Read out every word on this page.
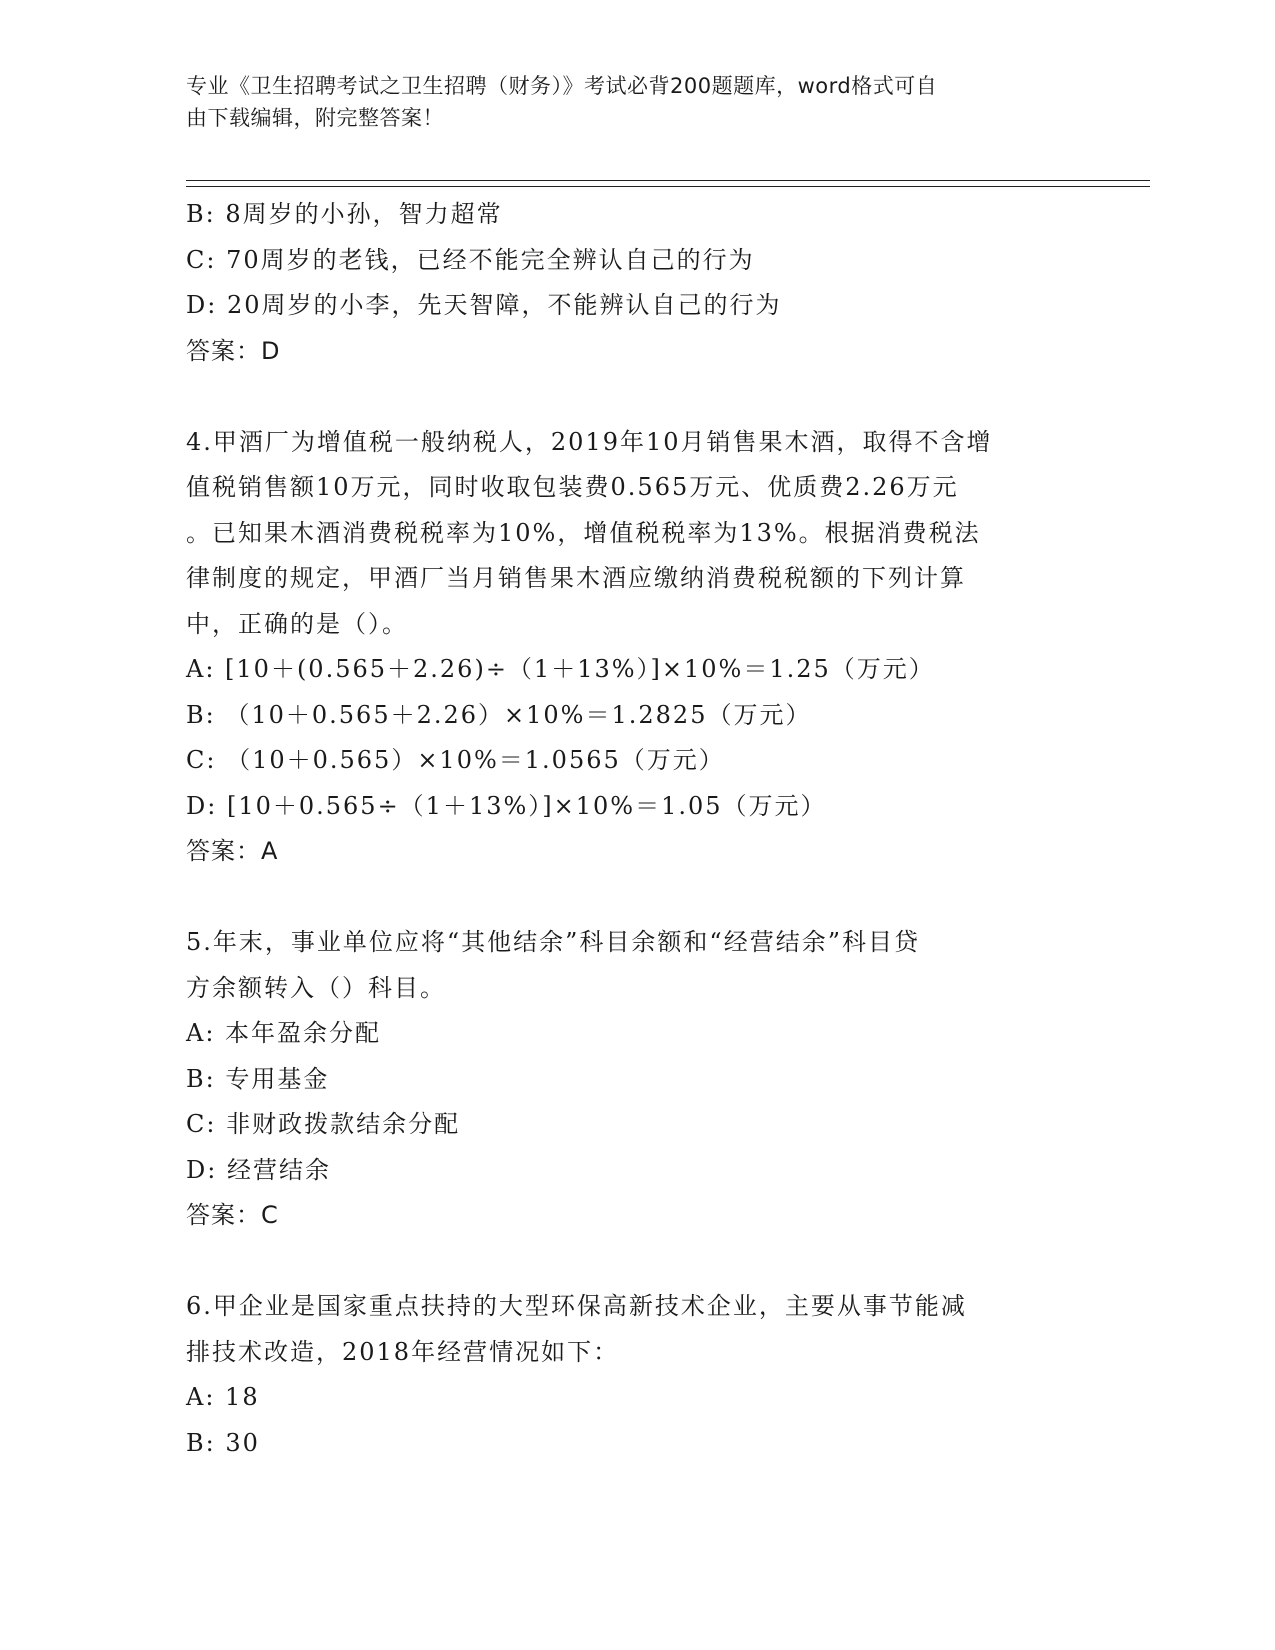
专业《卫生招聘考试之卫生招聘（财务）》考试必背200题题库，word格式可自
由下载编辑，附完整答案！
B: 8周岁的小孙，智力超常
C: 70周岁的老钱，已经不能完全辨认自己的行为
D: 20周岁的小李，先天智障，不能辨认自己的行为
答案：D
4.甲酒厂为增值税一般纳税人，2019年10月销售果木酒，取得不含增
值税销售额10万元，同时收取包装费0.565万元、优质费2.26万元
。已知果木酒消费税税率为10%，增值税税率为13%。根据消费税法
律制度的规定，甲酒厂当月销售果木酒应缴纳消费税税额的下列计算
中，正确的是（）。
A: [10＋(0.565＋2.26)÷（1＋13%）]×10%＝1.25（万元）
B: （10＋0.565＋2.26）×10%＝1.2825（万元）
C: （10＋0.565）×10%＝1.0565（万元）
D: [10＋0.565÷（1＋13%）]×10%＝1.05（万元）
答案：A
5.年末，事业单位应将“其他结余”科目余额和“经营结余”科目贷
方余额转入（）科目。
A: 本年盈余分配
B: 专用基金
C: 非财政拨款结余分配
D: 经营结余
答案：C
6.甲企业是国家重点扶持的大型环保高新技术企业，主要从事节能减
排技术改造，2018年经营情况如下：
A: 18
B: 30
